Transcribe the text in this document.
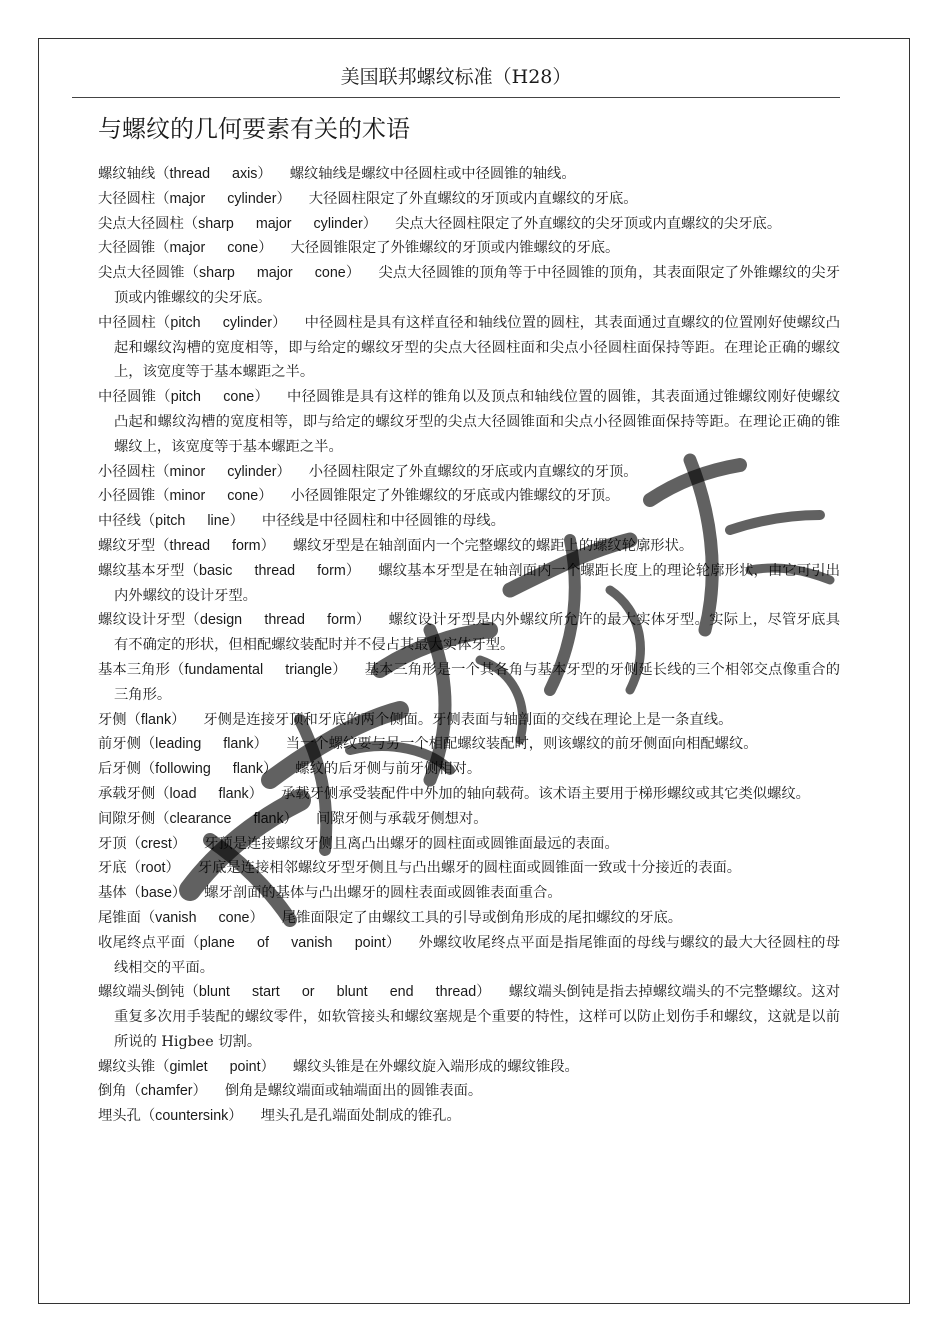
美国联邦螺纹标准（H28）
与螺纹的几何要素有关的术语
螺纹轴线（thread axis） 螺纹轴线是螺纹中径圆柱或中径圆锥的轴线。
大径圆柱（major cylinder） 大径圆柱限定了外直螺纹的牙顶或内直螺纹的牙底。
尖点大径圆柱（sharp major cylinder） 尖点大径圆柱限定了外直螺纹的尖牙顶或内直螺纹的尖牙底。
大径圆锥（major cone） 大径圆锥限定了外锥螺纹的牙顶或内锥螺纹的牙底。
尖点大径圆锥（sharp major cone） 尖点大径圆锥的顶角等于中径圆锥的顶角，其表面限定了外锥螺纹的尖牙顶或内锥螺纹的尖牙底。
中径圆柱（pitch cylinder） 中径圆柱是具有这样直径和轴线位置的圆柱，其表面通过直螺纹的位置刚好使螺纹凸起和螺纹沟槽的宽度相等，即与给定的螺纹牙型的尖点大径圆柱面和尖点小径圆柱面保持等距。在理论正确的螺纹上，该宽度等于基本螺距之半。
中径圆锥（pitch cone） 中径圆锥是具有这样的锥角以及顶点和轴线位置的圆锥，其表面通过锥螺纹刚好使螺纹凸起和螺纹沟槽的宽度相等，即与给定的螺纹牙型的尖点大径圆锥面和尖点小径圆锥面保持等距。在理论正确的锥螺纹上，该宽度等于基本螺距之半。
小径圆柱（minor cylinder） 小径圆柱限定了外直螺纹的牙底或内直螺纹的牙顶。
小径圆锥（minor cone） 小径圆锥限定了外锥螺纹的牙底或内锥螺纹的牙顶。
中径线（pitch line） 中径线是中径圆柱和中径圆锥的母线。
螺纹牙型（thread form） 螺纹牙型是在轴剖面内一个完整螺纹的螺距上的螺纹轮廓形状。
螺纹基本牙型（basic thread form） 螺纹基本牙型是在轴剖面内一个螺距长度上的理论轮廓形状，由它可引出内外螺纹的设计牙型。
螺纹设计牙型（design thread form） 螺纹设计牙型是内外螺纹所允许的最大实体牙型。实际上，尽管牙底具有不确定的形状，但相配螺纹装配时并不侵占其最大实体牙型。
基本三角形（fundamental triangle） 基本三角形是一个其各角与基本牙型的牙侧延长线的三个相邻交点像重合的三角形。
牙侧（flank） 牙侧是连接牙顶和牙底的两个侧面。牙侧表面与轴剖面的交线在理论上是一条直线。
前牙侧（leading flank） 当一个螺纹要与另一个相配螺纹装配时，则该螺纹的前牙侧面向相配螺纹。
后牙侧（following flank） 螺纹的后牙侧与前牙侧相对。
承载牙侧（load flank） 承载牙侧承受装配件中外加的轴向载荷。该术语主要用于梯形螺纹或其它类似螺纹。
间隙牙侧（clearance flank） 间隙牙侧与承载牙侧想对。
牙顶（crest） 牙顶是连接螺纹牙侧且离凸出螺牙的圆柱面或圆锥面最远的表面。
牙底（root） 牙底是连接相邻螺纹牙型牙侧且与凸出螺牙的圆柱面或圆锥面一致或十分接近的表面。
基体（base） 螺牙剖面的基体与凸出螺牙的圆柱表面或圆锥表面重合。
尾锥面（vanish cone） 尾锥面限定了由螺纹工具的引导或倒角形成的尾扣螺纹的牙底。
收尾终点平面（plane of vanish point） 外螺纹收尾终点平面是指尾锥面的母线与螺纹的最大大径圆柱的母线相交的平面。
螺纹端头倒钝（blunt start or blunt end thread） 螺纹端头倒钝是指去掉螺纹端头的不完整螺纹。这对重复多次用手装配的螺纹零件，如软管接头和螺纹塞规是个重要的特性，这样可以防止划伤手和螺纹，这就是以前所说的 Higbee 切割。
螺纹头锥（gimlet point） 螺纹头锥是在外螺纹旋入端形成的螺纹锥段。
倒角（chamfer） 倒角是螺纹端面或轴端面出的圆锥表面。
埋头孔（countersink） 埋头孔是孔端面处制成的锥孔。
